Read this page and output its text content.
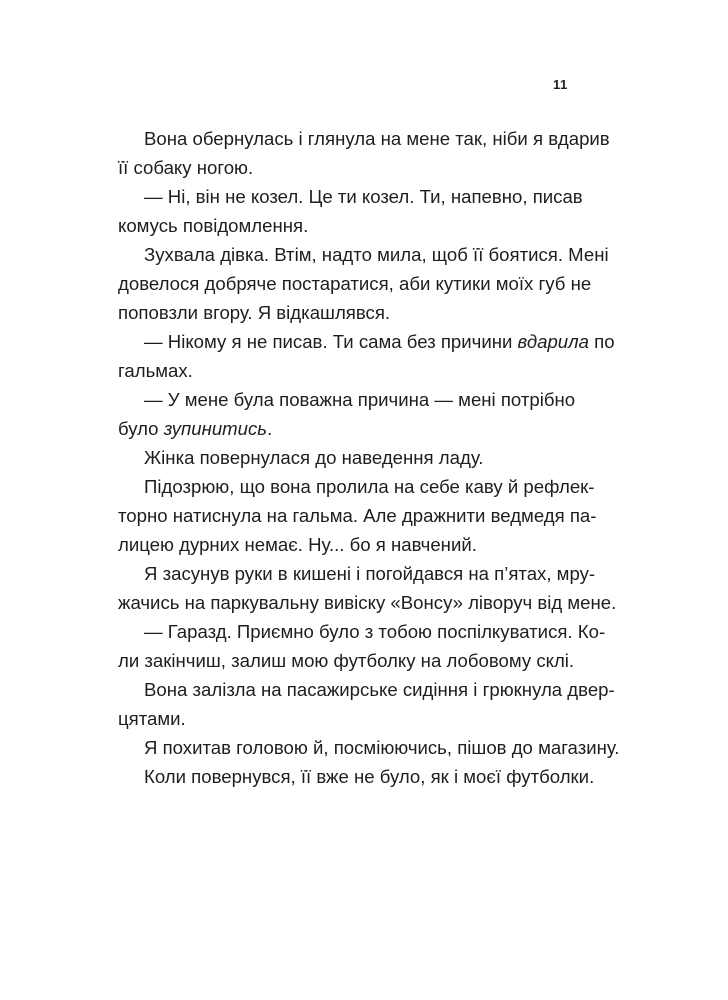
11
Вона обернулась і глянула на мене так, ніби я вдарив
її собаку ногою.
— Ні, він не козел. Це ти козел. Ти, напевно, писав
комусь повідомлення.
Зухвала дівка. Втім, надто мила, щоб її боятися. Мені
довелося добряче постаратися, аби кутики моїх губ не
поповзли вгору. Я відкашлявся.
— Нікому я не писав. Ти сама без причини вдарила по
гальмах.
— У мене була поважна причина — мені потрібно
було зупинитись.
Жінка повернулася до наведення ладу.
Підозрюю, що вона пролила на себе каву й рефлек-
торно натиснула на гальма. Але дражнити ведмедя па-
лицею дурних немає. Ну... бо я навчений.
Я засунув руки в кишені і погойдався на п’ятах, мру-
жачись на паркувальну вивіску «Вонсу» ліворуч від мене.
— Гаразд. Приємно було з тобою поспілкуватися. Ко-
ли закінчиш, залиш мою футболку на лобовому склі.
Вона залізла на пасажирське сидіння і грюкнула двер-
цятами.
Я похитав головою й, посміюючись, пішов до магазину.
Коли повернувся, її вже не було, як і моєї футболки.
